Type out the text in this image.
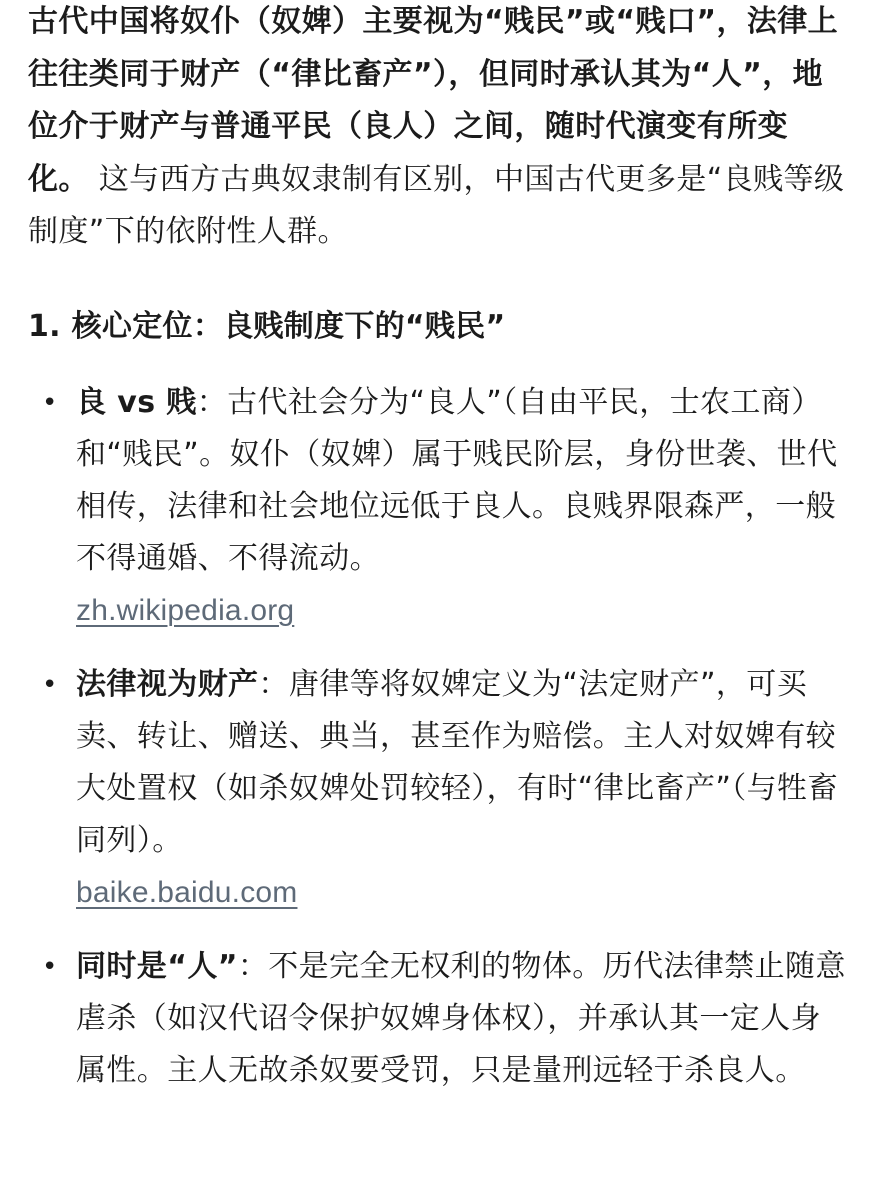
古代中国将奴仆（奴婢）主要视为“贱民”或“贱口”，法律上往往类同于财产（“律比畜产”），但同时承认其为“人”，地位介于财产与普通平民（良人）之间，随时代演变有所变化。 这与西方古典奴隶制有区别，中国古代更多是“良贱等级制度”下的依附性人群。

1. 核心定位：良贱制度下的“贱民”
• 良 vs 贱：古代社会分为“良人”（自由平民，士农工商）和“贱民”。奴仆（奴婢）属于贱民阶层，身份世袭、世代相传，法律和社会地位远低于良人。良贱界限森严，一般不得通婚、不得流动。
zh.wikipedia.org
• 法律视为财产：唐律等将奴婢定义为“法定财产”，可买卖、转让、赠送、典当，甚至作为赔偿。主人对奴婢有较大处置权（如杀奴婢处罚较轻），有时“律比畜产”（与牲畜同列）。
baike.baidu.com
• 同时是“人”：不是完全无权利的物体。历代法律禁止随意虐杀（如汉代诏令保护奴婢身体权），并承认其一定人身属性。主人无故杀奴要受罚，只是量刑远轻于杀良人。
